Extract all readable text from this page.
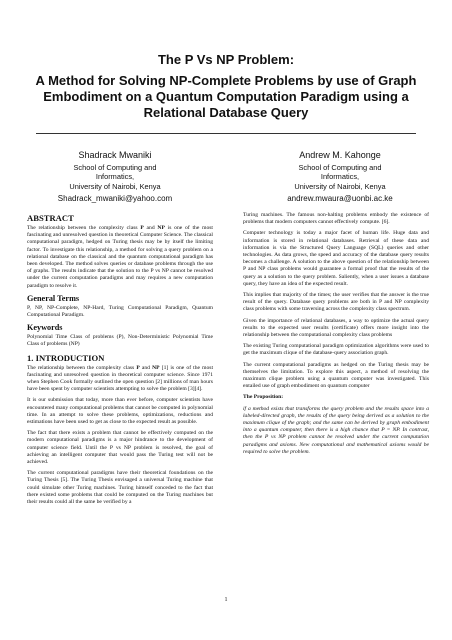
The P Vs NP Problem:
A Method for Solving NP-Complete Problems by use of Graph Embodiment on a Quantum Computation Paradigm using a Relational Database Query
Shadrack Mwaniki
School of Computing and
Informatics,
University of Nairobi, Kenya
Shadrack_mwaniki@yahoo.com
Andrew M. Kahonge
School of Computing and
Informatics,
University of Nairobi, Kenya
andrew.mwaura@uonbi.ac.ke
ABSTRACT

The relationship between the complexity class P and NP is one of the most fascinating and unresolved question in theoretical Computer Science. The classical computational paradigm, hedged on Turing thesis may be by itself the limiting factor. To investigate this relationship, a method for solving a query problem on a relational database on the classical and the quantum computational paradigm has been developed. The method solves queries or database problems through the use of graphs. The results indicate that the solution to the P vs NP cannot be resolved under the current computation paradigms and may requires a new computation paradigm to resolve it.

General Terms

P, NP, NP-Complete, NP-Hard, Turing Computational Paradigm, Quantum Computational Paradigm.

Keywords

Polynomial Time Class of problems (P), Non-Deterministic Polynomial Time Class of problems (NP)

1. INTRODUCTION

The relationship between the complexity class P and NP [1] is one of the most fascinating and unresolved question in theoretical computer science. Since 1971 when Stephen Cook formally outlined the open question [2] millions of man hours have been spent by computer scientists attempting to solve the problem [3][4].

It is our submission that today, more than ever before, computer scientists have encountered many computational problems that cannot be computed in polynomial time. In an attempt to solve these problems, optimizations, reductions and estimations have been used to get as close to the expected result as possible.

The fact that there exists a problem that cannot be effectively computed on the modern computational paradigms is a major hindrance to the development of computer science field. Until the P vs NP problem is resolved, the goal of achieving an intelligent computer that would pass the Turing test will not be achieved.

The current computational paradigms have their theoretical foundations on the Turing Thesis [5]. The Turing Thesis envisaged a universal Turing machine that could simulate other Turing machines. Turing himself conceded to the fact that there existed some problems that could be computed on the Turing machines but their results could all the same be verified by a

Turing machines. The famous non-halting problems embody the existence of problems that modern computers cannot effectively compute. [6].

Computer technology is today a major facet of human life. Huge data and information is stored in relational databases. Retrieval of these data and information is via the Structured Query Language (SQL) queries and other technologies. As data grows, the speed and accuracy of the database query results becomes a challenge. A solution to the above question of the relationship between P and NP class problems would guarantee a formal proof that the results of the query as a solution to the query problem. Saliently, when a user issues a database query, they have an idea of the expected result.

This implies that majority of the times; the user verifies that the answer is the true result of the query. Database query problems are both in P and NP complexity class problems with some traversing across the complexity class spectrum.

Given the importance of relational databases, a way to optimize the actual query results to the expected user results (certificate) offers more insight into the relationship between the computational complexity class problems

The existing Turing computational paradigm optimization algorithms were used to get the maximum clique of the database-query association graph.

The current computational paradigms as hedged on the Turing thesis may be themselves the limitation. To explore this aspect, a method of resolving the maximum clique problem using a quantum computer was investigated. This entailed use of graph embodiment on quantum computer

The Proposition:

if a method exists that transforms the query problem and the results space into a labeled-directed graph, the results of the query being derived as a solution to the maximum clique of the graph; and the same can be derived by graph embodiment into a quantum computer, then there is a high chance that P = NP. In contrast, then the P vs NP problem cannot be resolved under the current computation paradigms and axioms. New computational and mathematical axioms would be required to solve the problem.

1
